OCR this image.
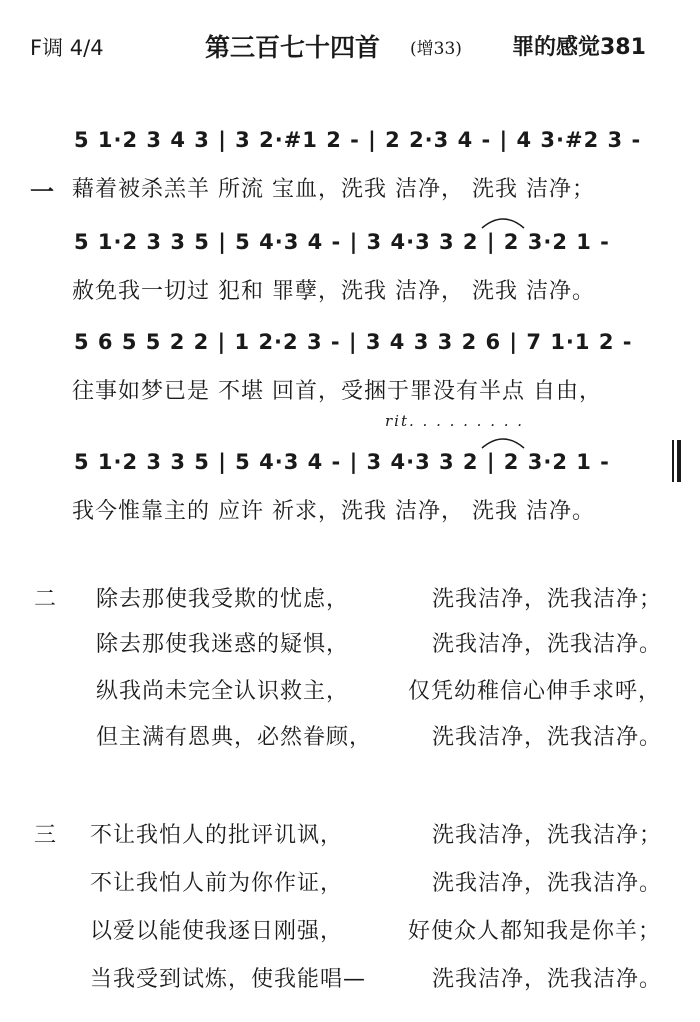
F调 4/4	第三百七十四首 (增33) 罪的感觉381
一
5 1·2 3 4 3 | 3 2·#1 2 - | 2 2·3 4 - | 4 3·#2 3 -
藉着被杀羔羊 所流 宝血，洗我 洁净， 洗我 洁净；
5 1·2 3 3 5 | 5 4·3 4 - | 3 4·3 3 2 | 2 3·2 1 -
赦免我一切过 犯和 罪孽，洗我 洁净， 洗我 洁净。
5 6 5 5 2 2 | 1 2·2 3 - | 3 4 3 3 2 6 | 7 1·1 2 -
往事如梦已是 不堪 回首，受捆于罪没有半点 自由，
rit. . . . . . . . .
5 1·2 3 3 5 | 5 4·3 4 - | 3 4·3 3 2 | 2 3·2 1 -
我今惟靠主的 应许 祈求，洗我 洁净， 洗我 洁净。
二 除去那使我受欺的忧虑，	洗我洁净，洗我洁净；
除去那使我迷惑的疑惧，	洗我洁净，洗我洁净。
纵我尚未完全认识救主，	仅凭幼稚信心伸手求呼，
但主满有恩典，必然眷顾，	洗我洁净，洗我洁净。
三 不让我怕人的批评讥讽，	洗我洁净，洗我洁净；
不让我怕人前为你作证，	洗我洁净，洗我洁净。
以爱以能使我逐日刚强，	好使众人都知我是你羊；
当我受到试炼，使我能唱—	洗我洁净，洗我洁净。
